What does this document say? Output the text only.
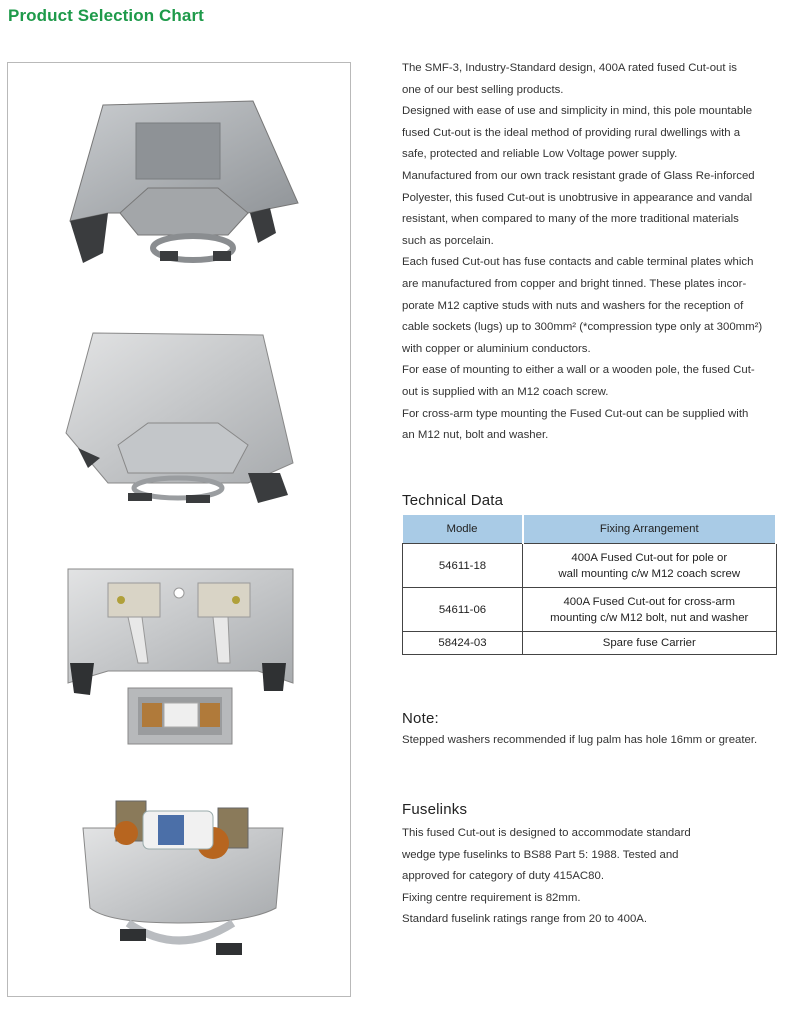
Product Selection Chart

The SMF-3, Industry-Standard design, 400A rated fused Cut-out is

one of our best selling products.

Designed with ease of use and simplicity in mind, this pole mountable

fused Cut-out is the ideal method of providing rural dwellings with a

safe, protected and reliable Low Voltage power supply.

Manufactured from our own track resistant grade of Glass Re-inforced

Polyester, this fused Cut-out is unobtrusive in appearance and vandal

resistant, when compared to many of the more traditional materials

such as porcelain.

Each fused Cut-out has fuse contacts and cable terminal plates which

are manufactured from copper and bright tinned. These plates incor-

porate M12 captive studs with nuts and washers for the reception of

cable sockets (lugs) up to 300mm² (*compression type only at 300mm²)

with copper or aluminium conductors.

For ease of mounting to either a wall or a wooden pole, the fused Cut-

out is supplied with an M12 coach screw.

For cross-arm type mounting the Fused Cut-out can be supplied with

an M12 nut, bolt and washer.

Technical Data
Modle	Fixing Arrangement
54611-18	400A Fused Cut-out for pole or
wall mounting c/w M12 coach screw

54611-06	400A Fused Cut-out for cross-arm
mounting c/w M12 bolt, nut and washer

58424-03	Spare fuse Carrier
Note:
Stepped washers recommended if lug palm has hole 16mm or greater.
Fuselinks

This fused Cut-out is designed to accommodate standard

wedge type fuselinks to BS88 Part 5: 1988. Tested and

approved for category of duty 415AC80.

Fixing centre requirement is 82mm.

Standard fuselink ratings range from 20 to 400A.
